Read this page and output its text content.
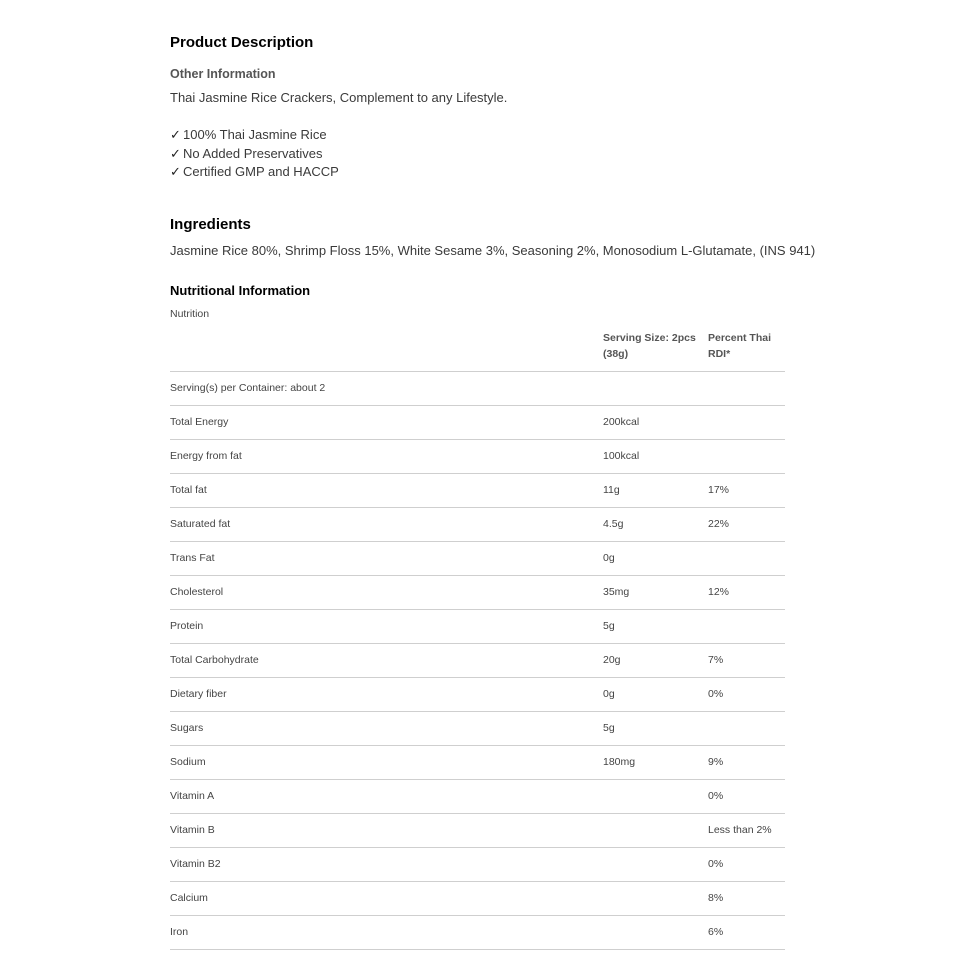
Product Description
Other Information
Thai Jasmine Rice Crackers, Complement to any Lifestyle.
✓ 100% Thai Jasmine Rice
✓ No Added Preservatives
✓ Certified GMP and HACCP
Ingredients
Jasmine Rice 80%, Shrimp Floss 15%, White Sesame 3%, Seasoning 2%, Monosodium L-Glutamate, (INS 941)
Nutritional Information
Nutrition
	Serving Size: 2pcs (38g)	Percent Thai RDI*
Serving(s) per Container: about 2		
Total Energy	200kcal	
Energy from fat	100kcal	
Total fat	11g	17%
Saturated fat	4.5g	22%
Trans Fat	0g	
Cholesterol	35mg	12%
Protein	5g	
Total Carbohydrate	20g	7%
Dietary fiber	0g	0%
Sugars	5g	
Sodium	180mg	9%
Vitamin A		0%
Vitamin B		Less than 2%
Vitamin B2		0%
Calcium		8%
Iron		6%
